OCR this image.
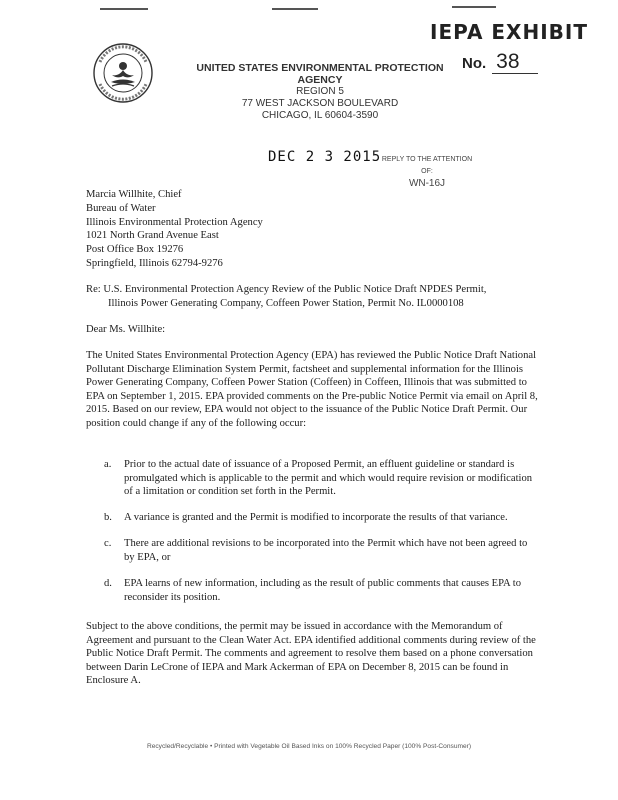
IEPA EXHIBIT
No. 38
UNITED STATES ENVIRONMENTAL PROTECTION AGENCY
REGION 5
77 WEST JACKSON BOULEVARD
CHICAGO, IL 60604-3590
DEC 2 3 2015 REPLY TO THE ATTENTION OF:
WN-16J
Marcia Willhite, Chief
Bureau of Water
Illinois Environmental Protection Agency
1021 North Grand Avenue East
Post Office Box 19276
Springfield, Illinois 62794-9276
Re: U.S. Environmental Protection Agency Review of the Public Notice Draft NPDES Permit,
Illinois Power Generating Company, Coffeen Power Station, Permit No. IL0000108
Dear Ms. Willhite:
The United States Environmental Protection Agency (EPA) has reviewed the Public Notice Draft National Pollutant Discharge Elimination System Permit, factsheet and supplemental information for the Illinois Power Generating Company, Coffeen Power Station (Coffeen) in Coffeen, Illinois that was submitted to EPA on September 1, 2015. EPA provided comments on the Pre-public Notice Permit via email on April 8, 2015. Based on our review, EPA would not object to the issuance of the Public Notice Draft Permit. Our position could change if any of the following occur:
a.	Prior to the actual date of issuance of a Proposed Permit, an effluent guideline or standard is promulgated which is applicable to the permit and which would require revision or modification of a limitation or condition set forth in the Permit.
b.	A variance is granted and the Permit is modified to incorporate the results of that variance.
c.	There are additional revisions to be incorporated into the Permit which have not been agreed to by EPA, or
d.	EPA learns of new information, including as the result of public comments that causes EPA to reconsider its position.
Subject to the above conditions, the permit may be issued in accordance with the Memorandum of Agreement and pursuant to the Clean Water Act. EPA identified additional comments during review of the Public Notice Draft Permit. The comments and agreement to resolve them based on a phone conversation between Darin LeCrone of IEPA and Mark Ackerman of EPA on December 8, 2015 can be found in Enclosure A.
Recycled/Recyclable • Printed with Vegetable Oil Based Inks on 100% Recycled Paper (100% Post-Consumer)
